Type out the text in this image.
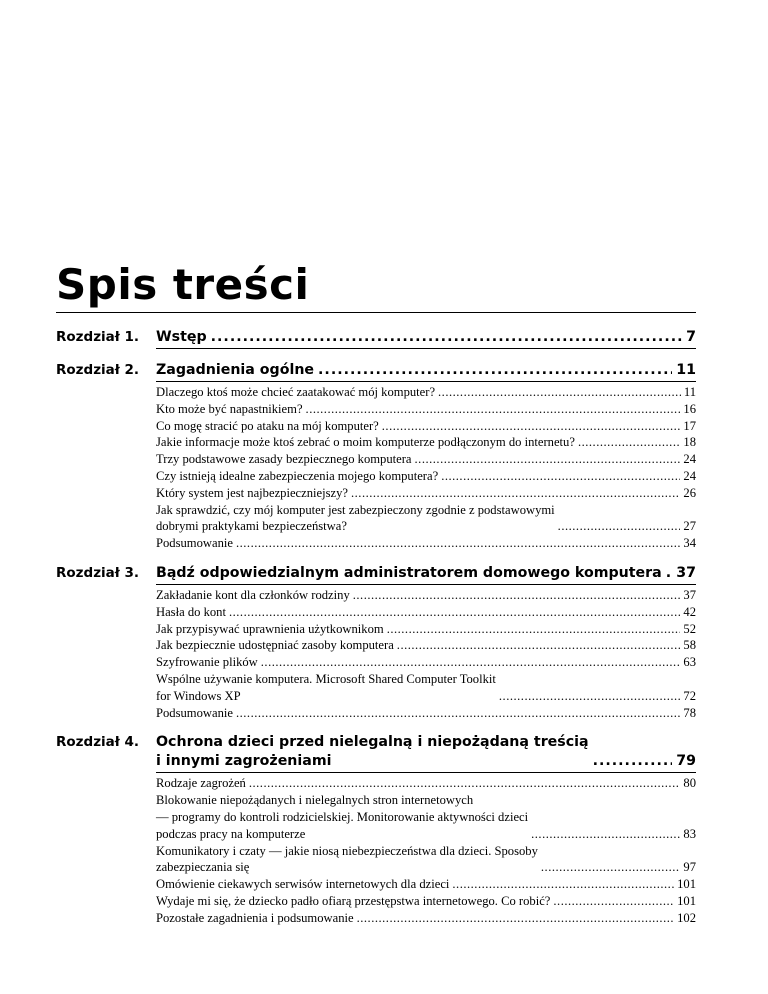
Spis treści
Rozdział 1.	Wstęp .....	7
Rozdział 2.	Zagadnienia ogólne .....	11
Dlaczego ktoś może chcieć zaatakować mój komputer? .....	11
Kto może być napastnikiem? .....	16
Co mogę stracić po ataku na mój komputer? .....	17
Jakie informacje może ktoś zebrać o moim komputerze podłączonym do internetu? .....	18
Trzy podstawowe zasady bezpiecznego komputera .....	24
Czy istnieją idealne zabezpieczenia mojego komputera? .....	24
Który system jest najbezpieczniejszy? .....	26
Jak sprawdzić, czy mój komputer jest zabezpieczony zgodnie z podstawowymi
dobrymi praktykami bezpieczeństwa? .....	27
Podsumowanie .....	34
Rozdział 3.	Bądź odpowiedzialnym administratorem domowego komputera ..... 37
Zakładanie kont dla członków rodziny .....	37
Hasła do kont .....	42
Jak przypisywać uprawnienia użytkownikom .....	52
Jak bezpiecznie udostępniać zasoby komputera .....	58
Szyfrowanie plików .....	63
Wspólne używanie komputera. Microsoft Shared Computer Toolkit
for Windows XP .....	72
Podsumowanie .....	78
Rozdział 4.	Ochrona dzieci przed nielegalną i niepożądaną treścią
i innymi zagrożeniami .....	79
Rodzaje zagrożeń .....	80
Blokowanie niepożądanych i nielegalnych stron internetowych
— programy do kontroli rodzicielskiej. Monitorowanie aktywności dzieci
podczas pracy na komputerze .....	83
Komunikatory i czaty — jakie niosą niebezpieczeństwa dla dzieci. Sposoby
zabezpieczania się .....	97
Omówienie ciekawych serwisów internetowych dla dzieci .....	101
Wydaje mi się, że dziecko padło ofiarą przestępstwa internetowego. Co robić? .....	101
Pozostałe zagadnienia i podsumowanie .....	102
